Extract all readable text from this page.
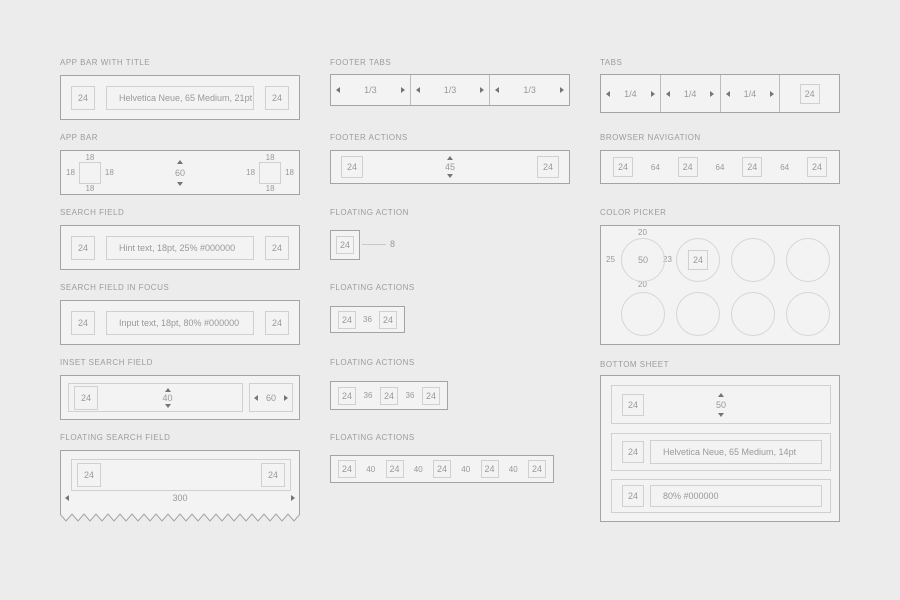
APP BAR WITH TITLE
24	Helvetica Neue, 65 Medium, 21pt	24
APP BAR
18
18	18
18
60
18
18	18
18
SEARCH FIELD
24	Hint text, 18pt, 25% #000000	24
SEARCH FIELD IN FOCUS
24	Input text, 18pt, 80% #000000	24
INSET SEARCH FIELD
24	40	60
FLOATING SEARCH FIELD
24	24
300
FOOTER TABS
1/3	1/3	1/3
FOOTER ACTIONS
24	45	24
FLOATING ACTION
24	8
FLOATING ACTIONS
24	36	24
FLOATING ACTIONS
24	36	24	36	24
FLOATING ACTIONS
24	40	24	40	24	40	24	40	24
TABS
1/4	1/4	1/4	24
BROWSER NAVIGATION
24	64	24	64	24	64	24
COLOR PICKER
20
25	23
20
50	24
BOTTOM SHEET
24	50
24	Helvetica Neue, 65 Medium, 14pt
24	80% #000000
